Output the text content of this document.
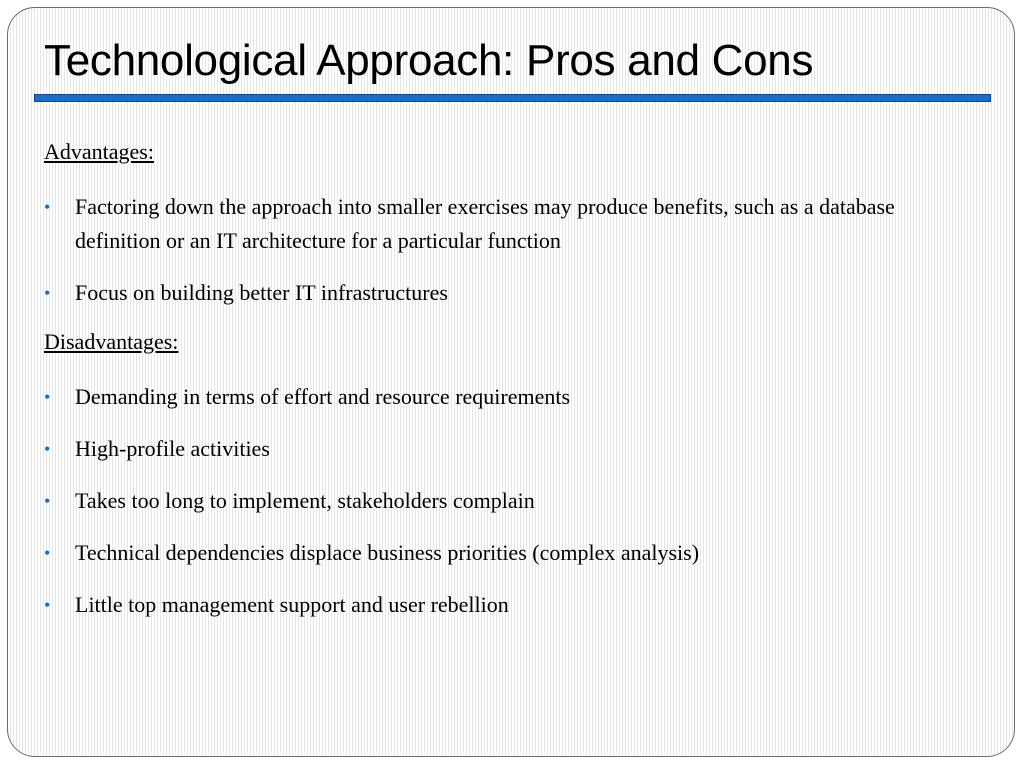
Technological Approach: Pros and Cons
Advantages:
• Factoring down the approach into smaller exercises may produce benefits, such as a database definition or an IT architecture for a particular function
• Focus on building better IT infrastructures
Disadvantages:
• Demanding in terms of effort and resource requirements
• High-profile activities
• Takes too long to implement, stakeholders complain
• Technical dependencies displace business priorities (complex analysis)
• Little top management support and user rebellion
